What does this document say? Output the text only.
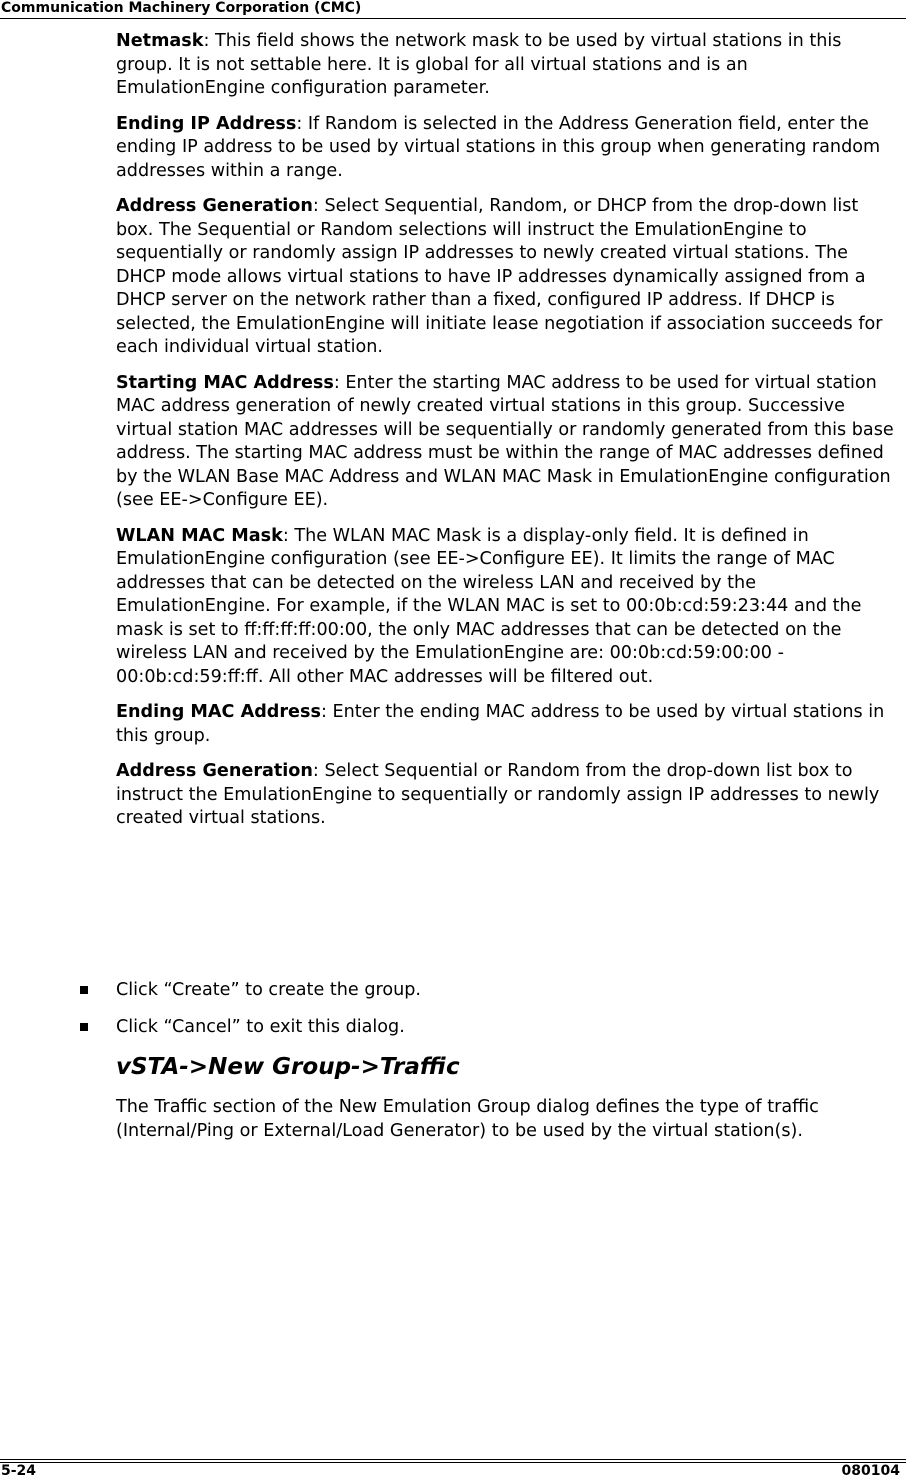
Communication Machinery Corporation (CMC)

Netmask: This field shows the network mask to be used by virtual stations in this group. It is not settable here. It is global for all virtual stations and is an EmulationEngine configuration parameter.

Ending IP Address: If Random is selected in the Address Generation field, enter the ending IP address to be used by virtual stations in this group when generating random addresses within a range.

Address Generation: Select Sequential, Random, or DHCP from the drop-down list box. The Sequential or Random selections will instruct the EmulationEngine to sequentially or randomly assign IP addresses to newly created virtual stations. The DHCP mode allows virtual stations to have IP addresses dynamically assigned from a DHCP server on the network rather than a fixed, configured IP address. If DHCP is selected, the EmulationEngine will initiate lease negotiation if association succeeds for each individual virtual station.

Starting MAC Address: Enter the starting MAC address to be used for virtual station MAC address generation of newly created virtual stations in this group. Successive virtual station MAC addresses will be sequentially or randomly generated from this base address. The starting MAC address must be within the range of MAC addresses defined by the WLAN Base MAC Address and WLAN MAC Mask in EmulationEngine configuration (see EE->Configure EE).

WLAN MAC Mask: The WLAN MAC Mask is a display-only field. It is defined in EmulationEngine configuration (see EE->Configure EE). It limits the range of MAC addresses that can be detected on the wireless LAN and received by the EmulationEngine. For example, if the WLAN MAC is set to 00:0b:cd:59:23:44 and the mask is set to ff:ff:ff:ff:00:00, the only MAC addresses that can be detected on the wireless LAN and received by the EmulationEngine are: 00:0b:cd:59:00:00 - 00:0b:cd:59:ff:ff. All other MAC addresses will be filtered out.

Ending MAC Address: Enter the ending MAC address to be used by virtual stations in this group.

Address Generation: Select Sequential or Random from the drop-down list box to instruct the EmulationEngine to sequentially or randomly assign IP addresses to newly created virtual stations.

Click “Create” to create the group.
Click “Cancel” to exit this dialog.
vSTA->New Group->Traffic
The Traffic section of the New Emulation Group dialog defines the type of traffic (Internal/Ping or External/Load Generator) to be used by the virtual station(s).
5-24	080104
